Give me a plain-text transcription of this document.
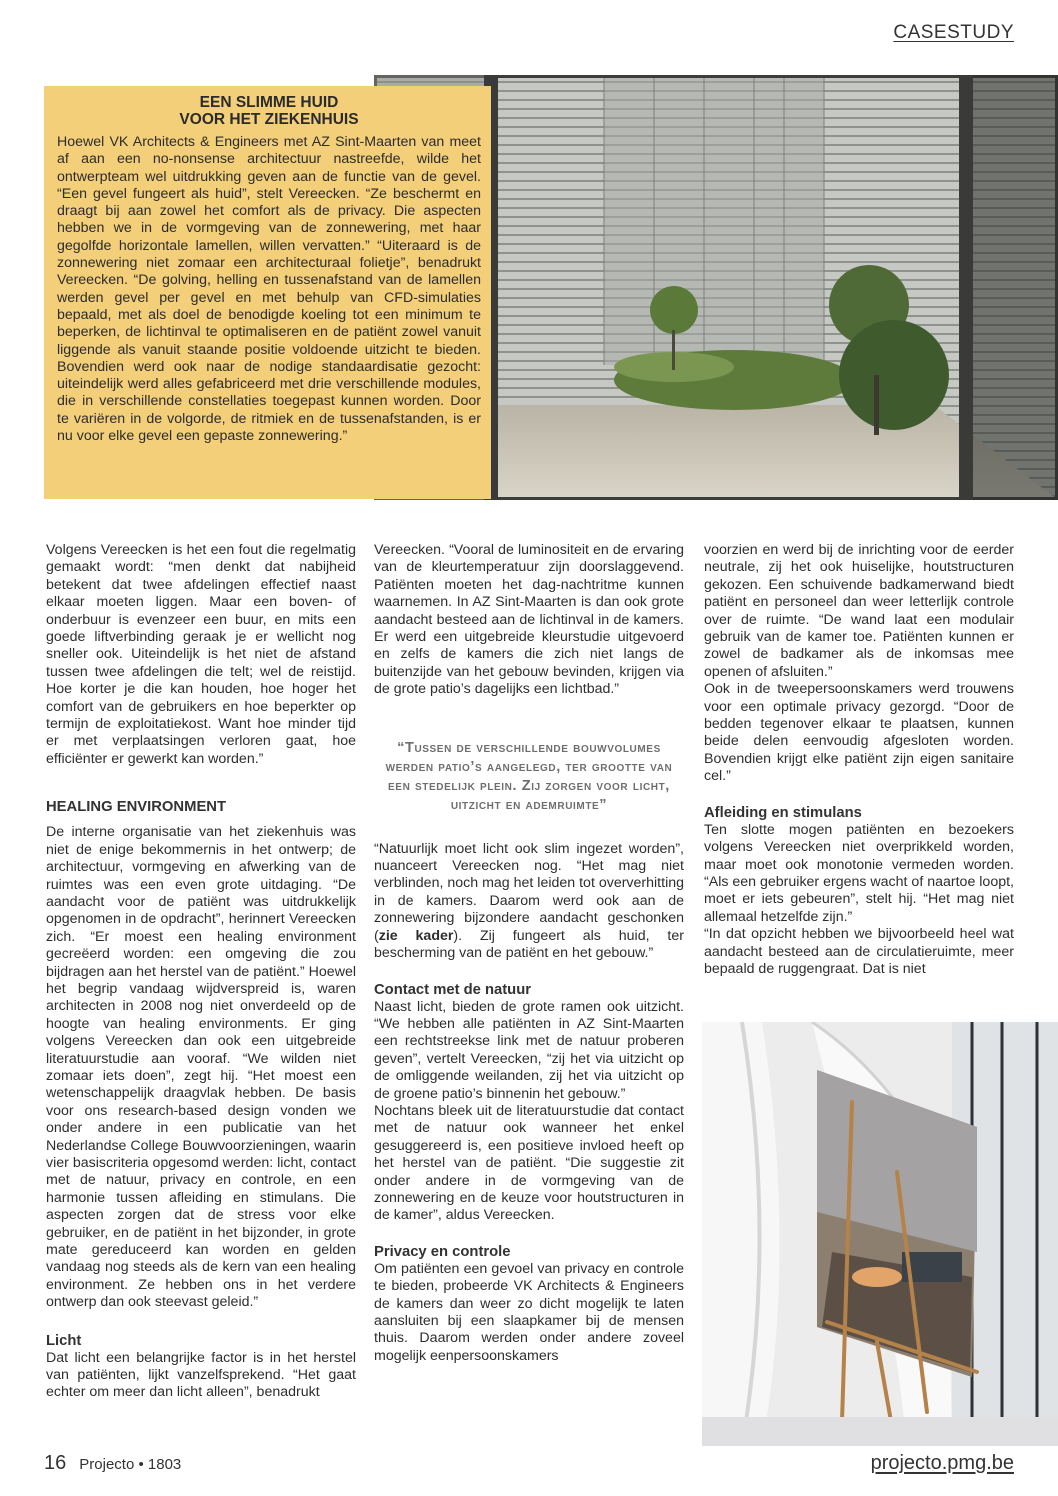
CASESTUDY
EEN SLIMME HUID
VOOR HET ZIEKENHUIS

Hoewel VK Architects & Engineers met AZ Sint-Maarten van meet af aan een no-nonsense architectuur nastreefde, wilde het ontwerpteam wel uitdrukking geven aan de functie van de gevel. “Een gevel fungeert als huid”, stelt Vereecken. “Ze beschermt en draagt bij aan zowel het comfort als de privacy. Die aspecten hebben we in de vormgeving van de zonnewering, met haar gegolfde horizontale lamellen, willen vervatten.” “Uiteraard is de zonnewering niet zomaar een architecturaal folietje”, benadrukt Vereecken. “De golving, helling en tussenafstand van de lamellen werden gevel per gevel en met behulp van CFD-simulaties bepaald, met als doel de benodigde koeling tot een minimum te beperken, de lichtinval te optimaliseren en de patiënt zowel vanuit liggende als vanuit staande positie voldoende uitzicht te bieden. Bovendien werd ook naar de nodige standaardisatie gezocht: uiteindelijk werd alles gefabriceerd met drie verschillende modules, die in verschillende constellaties toegepast kunnen worden. Door te variëren in de volgorde, de ritmiek en de tussenafstanden, is er nu voor elke gevel een gepaste zonnewering.”

Volgens Vereecken is het een fout die regelmatig gemaakt wordt: “men denkt dat nabijheid betekent dat twee afdelingen effectief naast elkaar moeten liggen. Maar een boven- of onderbuur is evenzeer een buur, en mits een goede liftverbinding geraak je er wellicht nog sneller ook. Uiteindelijk is het niet de afstand tussen twee afdelingen die telt; wel de reistijd. Hoe korter je die kan houden, hoe hoger het comfort van de gebruikers en hoe beperkter op termijn de exploitatiekost. Want hoe minder tijd er met verplaatsingen verloren gaat, hoe efficiënter er gewerkt kan worden.”

HEALING ENVIRONMENT

De interne organisatie van het ziekenhuis was niet de enige bekommernis in het ontwerp; de architectuur, vormgeving en afwerking van de ruimtes was een even grote uitdaging. “De aandacht voor de patiënt was uitdrukkelijk opgenomen in de opdracht”, herinnert Vereecken zich. “Er moest een healing environment gecreëerd worden: een omgeving die zou bijdragen aan het herstel van de patiënt.” Hoewel het begrip vandaag wijdverspreid is, waren architecten in 2008 nog niet onverdeeld op de hoogte van healing environments. Er ging volgens Vereecken dan ook een uitgebreide literatuurstudie aan vooraf. “We wilden niet zomaar iets doen”, zegt hij. “Het moest een wetenschappelijk draagvlak hebben. De basis voor ons research-based design vonden we onder andere in een publicatie van het Nederlandse College Bouwvoorzieningen, waarin vier basiscriteria opgesomd werden: licht, contact met de natuur, privacy en controle, en een harmonie tussen afleiding en stimulans. Die aspecten zorgen dat de stress voor elke gebruiker, en de patiënt in het bijzonder, in grote mate gereduceerd kan worden en gelden vandaag nog steeds als de kern van een healing environment. Ze hebben ons in het verdere ontwerp dan ook steevast geleid.”

Licht

Dat licht een belangrijke factor is in het herstel van patiënten, lijkt vanzelfsprekend. “Het gaat echter om meer dan licht alleen”, benadrukt

Vereecken. “Vooral de luminositeit en de ervaring van de kleurtemperatuur zijn doorslaggevend. Patiënten moeten het dag-nachtritme kunnen waarnemen. In AZ Sint-Maarten is dan ook grote aandacht besteed aan de lichtinval in de kamers. Er werd een uitgebreide kleurstudie uitgevoerd en zelfs de kamers die zich niet langs de buitenzijde van het gebouw bevinden, krijgen via de grote patio’s dagelijks een lichtbad.”

“Tussen de verschillende bouwvolumes werden patio’s aangelegd, ter grootte van een stedelijk plein. Zij zorgen voor licht, uitzicht en ademruimte”

“Natuurlijk moet licht ook slim ingezet worden”, nuanceert Vereecken nog. “Het mag niet verblinden, noch mag het leiden tot oververhitting in de kamers. Daarom werd ook aan de zonnewering bijzondere aandacht geschonken (zie kader). Zij fungeert als huid, ter bescherming van de patiënt en het gebouw.”

Contact met de natuur

Naast licht, bieden de grote ramen ook uitzicht. “We hebben alle patiënten in AZ Sint-Maarten een rechtstreekse link met de natuur proberen geven”, vertelt Vereecken, “zij het via uitzicht op de omliggende weilanden, zij het via uitzicht op de groene patio’s binnenin het gebouw.”

Nochtans bleek uit de literatuurstudie dat contact met de natuur ook wanneer het enkel gesuggereerd is, een positieve invloed heeft op het herstel van de patiënt. “Die suggestie zit onder andere in de vormgeving van de zonnewering en de keuze voor houtstructuren in de kamer”, aldus Vereecken.

Privacy en controle

Om patiënten een gevoel van privacy en controle te bieden, probeerde VK Architects & Engineers de kamers dan weer zo dicht mogelijk te laten aansluiten bij een slaapkamer bij de mensen thuis. Daarom werden onder andere zoveel mogelijk eenpersoonskamers

voorzien en werd bij de inrichting voor de eerder neutrale, zij het ook huiselijke, houtstructuren gekozen. Een schuivende badkamerwand biedt patiënt en personeel dan weer letterlijk controle over de ruimte. “De wand laat een modulair gebruik van de kamer toe. Patiënten kunnen er zowel de badkamer als de inkomsas mee openen of afsluiten.”

Ook in de tweepersoonskamers werd trouwens voor een optimale privacy gezorgd. “Door de bedden tegenover elkaar te plaatsen, kunnen beide delen eenvoudig afgesloten worden. Bovendien krijgt elke patiënt zijn eigen sanitaire cel.”

Afleiding en stimulans

Ten slotte mogen patiënten en bezoekers volgens Vereecken niet overprikkeld worden, maar moet ook monotonie vermeden worden. “Als een gebruiker ergens wacht of naartoe loopt, moet er iets gebeuren”, stelt hij. “Het mag niet allemaal hetzelfde zijn.”

“In dat opzicht hebben we bijvoorbeeld heel wat aandacht besteed aan de circulatieruimte, meer bepaald de ruggengraat. Dat is niet

16 Projecto • 1803	projecto.pmg.be
